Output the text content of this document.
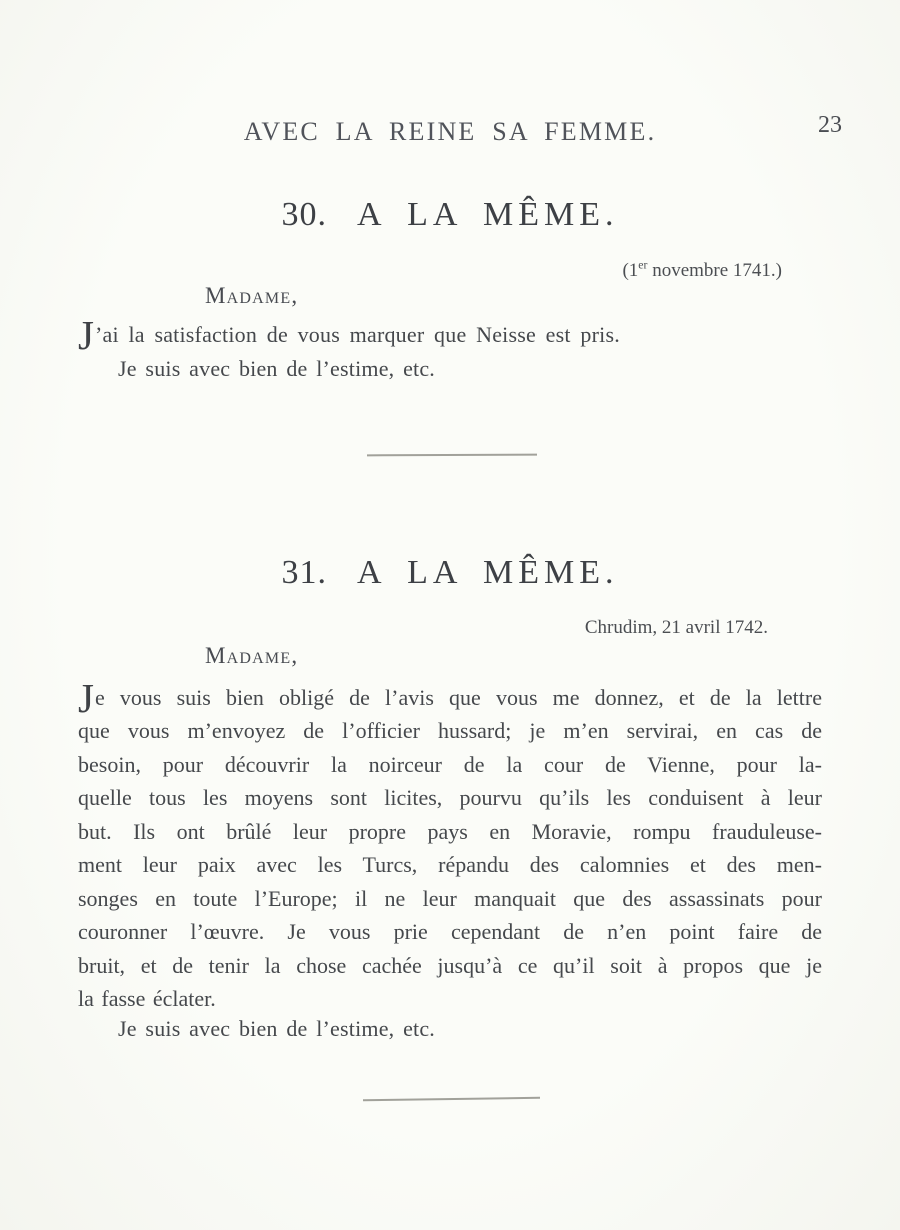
AVEC LA REINE SA FEMME.	23
30. A LA MÊME.
(1er novembre 1741.)
Madame,
J’ai la satisfaction de vous marquer que Neisse est pris.
Je suis avec bien de l’estime, etc.
31. A LA MÊME.
Chrudim, 21 avril 1742.
Madame,
Je vous suis bien obligé de l’avis que vous me donnez, et de la lettre
que vous m’envoyez de l’officier hussard; je m’en servirai, en cas de
besoin, pour découvrir la noirceur de la cour de Vienne, pour la-
quelle tous les moyens sont licites, pourvu qu’ils les conduisent à leur
but. Ils ont brûlé leur propre pays en Moravie, rompu frauduleuse-
ment leur paix avec les Turcs, répandu des calomnies et des men-
songes en toute l’Europe; il ne leur manquait que des assassinats pour
couronner l’œuvre. Je vous prie cependant de n’en point faire de
bruit, et de tenir la chose cachée jusqu’à ce qu’il soit à propos que je
la fasse éclater.
Je suis avec bien de l’estime, etc.
